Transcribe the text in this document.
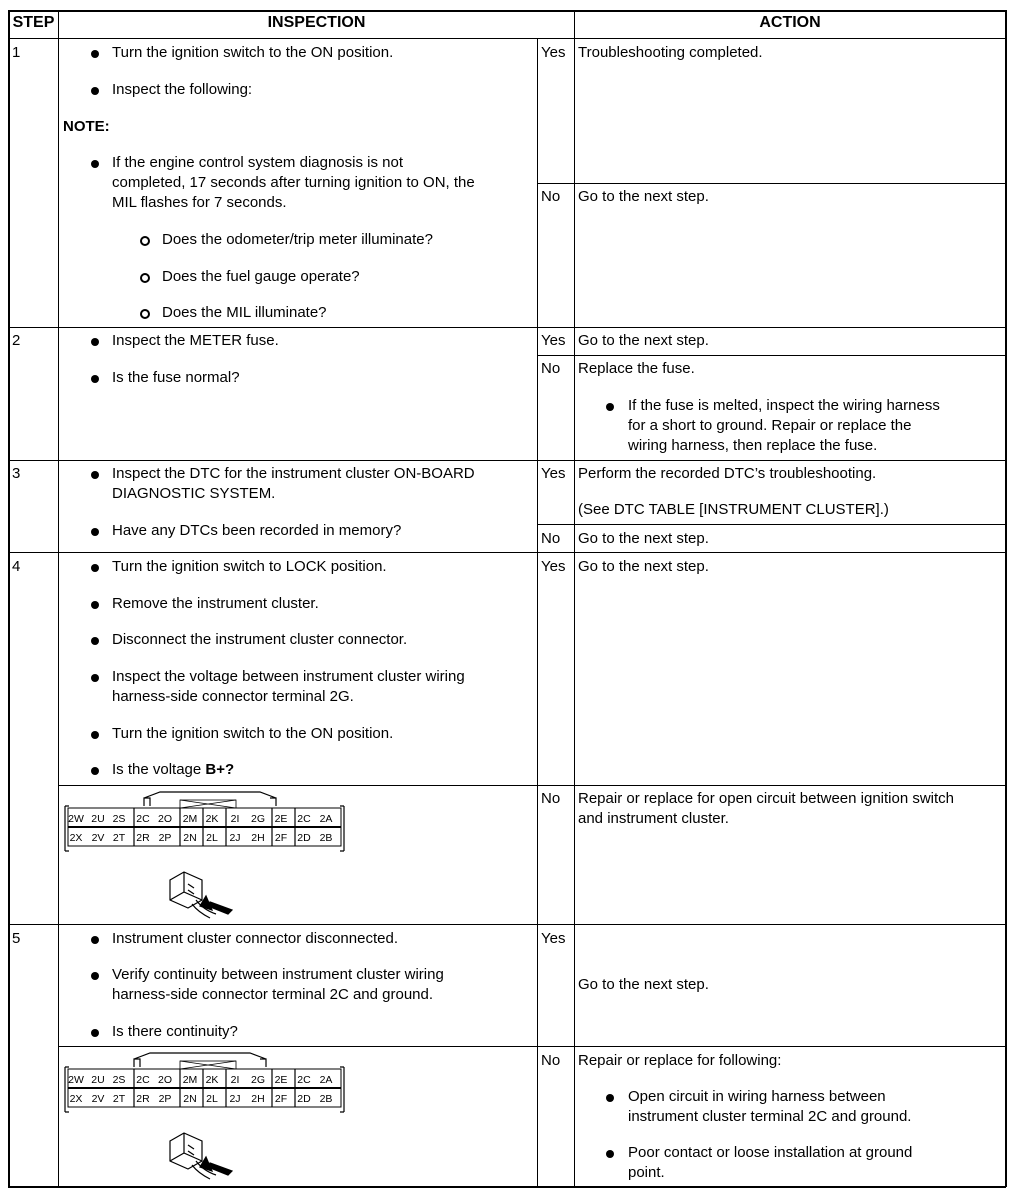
STEP	INSPECTION	ACTION
1	Turn the ignition switch to the ON position.
Inspect the following:
NOTE:
If the engine control system diagnosis is not
completed, 17 seconds after turning ignition to ON, the
MIL flashes for 7 seconds.
Does the odometer/trip meter illuminate?
Does the fuel gauge operate?
Does the MIL illuminate?
Yes Troubleshooting completed.
No Go to the next step.
2	Inspect the METER fuse.
Is the fuse normal?
Yes Go to the next step.
No Replace the fuse.
If the fuse is melted, inspect the wiring harness
for a short to ground. Repair or replace the
wiring harness, then replace the fuse.
3	Inspect the DTC for the instrument cluster ON-BOARD
DIAGNOSTIC SYSTEM.
Have any DTCs been recorded in memory?
Yes Perform the recorded DTC’s troubleshooting.
(See DTC TABLE [INSTRUMENT CLUSTER].)
No Go to the next step.
4	Turn the ignition switch to LOCK position.
Remove the instrument cluster.
Disconnect the instrument cluster connector.
Inspect the voltage between instrument cluster wiring
harness-side connector terminal 2G.
Turn the ignition switch to the ON position.
Is the voltage B+?
Yes Go to the next step.
No Repair or replace for open circuit between ignition switch
and instrument cluster.
2W 2U 2S 2C 2O 2M 2K 2I 2G 2E 2C 2A
2X 2V 2T 2R 2P 2N 2L 2J 2H 2F 2D 2B
5	Instrument cluster connector disconnected.
Verify continuity between instrument cluster wiring
harness-side connector terminal 2C and ground.
Is there continuity?
Yes
Go to the next step.
No Repair or replace for following:
Open circuit in wiring harness between
instrument cluster terminal 2C and ground.
Poor contact or loose installation at ground
point.
2W 2U 2S 2C 2O 2M 2K 2I 2G 2E 2C 2A
2X 2V 2T 2R 2P 2N 2L 2J 2H 2F 2D 2B
